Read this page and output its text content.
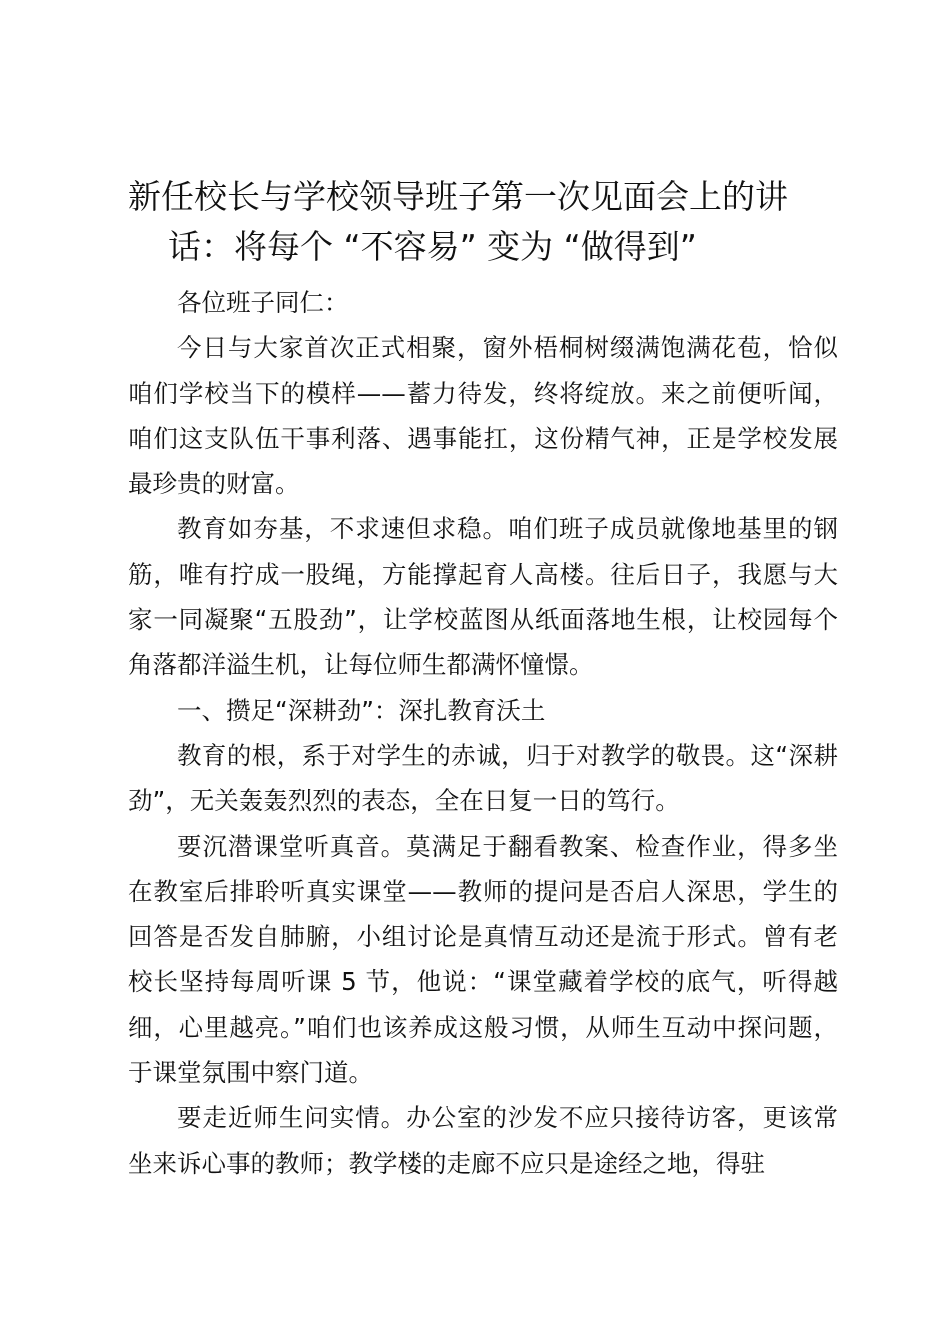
新任校长与学校领导班子第一次见面会上的讲
话：将每个 “不容易” 变为 “做得到”

各位班子同仁：

今日与大家首次正式相聚，窗外梧桐树缀满饱满花苞，恰似咱们学校当下的模样——蓄力待发，终将绽放。来之前便听闻，咱们这支队伍干事利落、遇事能扛，这份精气神，正是学校发展最珍贵的财富。

教育如夯基，不求速但求稳。咱们班子成员就像地基里的钢筋，唯有拧成一股绳，方能撑起育人高楼。往后日子，我愿与大家一同凝聚“五股劲”，让学校蓝图从纸面落地生根，让校园每个角落都洋溢生机，让每位师生都满怀憧憬。

一、攒足“深耕劲”：深扎教育沃土

教育的根，系于对学生的赤诚，归于对教学的敬畏。这“深耕劲”，无关轰轰烈烈的表态，全在日复一日的笃行。

要沉潜课堂听真音。莫满足于翻看教案、检查作业，得多坐在教室后排聆听真实课堂——教师的提问是否启人深思，学生的回答是否发自肺腑，小组讨论是真情互动还是流于形式。曾有老校长坚持每周听课 5 节，他说：“课堂藏着学校的底气，听得越细，心里越亮。”咱们也该养成这般习惯，从师生互动中探问题，于课堂氛围中察门道。

要走近师生问实情。办公室的沙发不应只接待访客，更该常坐来诉心事的教师；教学楼的走廊不应只是途经之地，得驻
